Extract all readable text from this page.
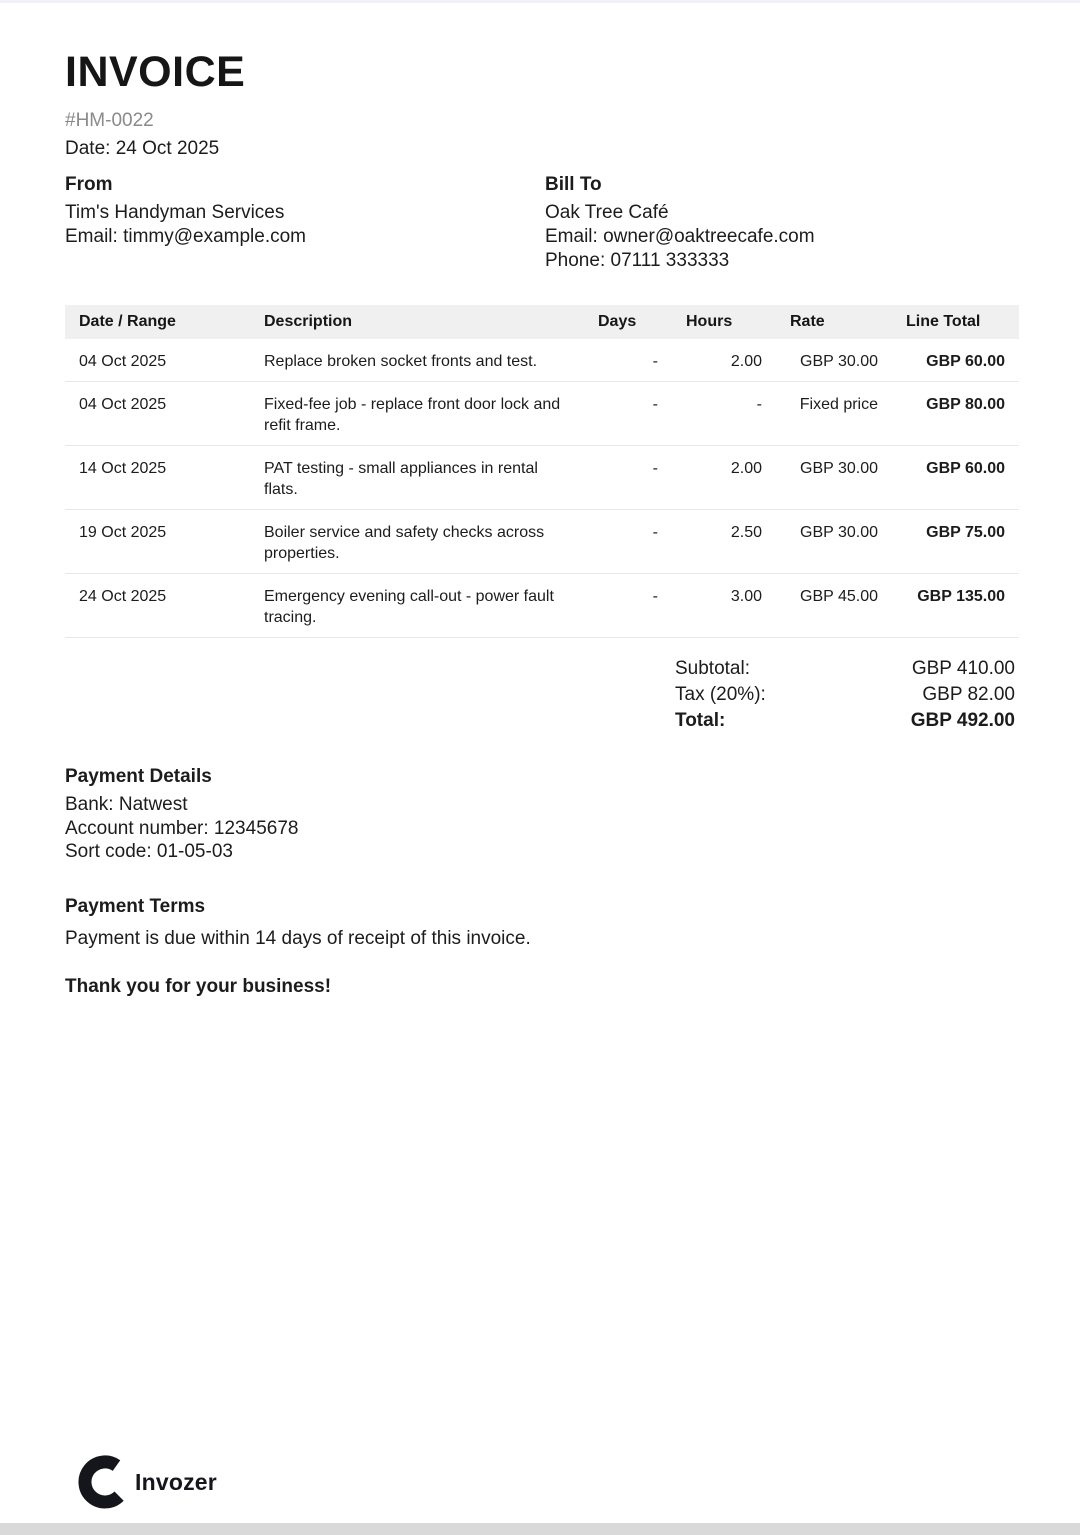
INVOICE
#HM-0022
Date: 24 Oct 2025
From
Tim's Handyman Services
Email: timmy@example.com
Bill To
Oak Tree Café
Email: owner@oaktreecafe.com
Phone: 07111 333333
Date / Range	Description	Days	Hours	Rate	Line Total
04 Oct 2025	Replace broken socket fronts and test.	-	2.00	GBP 30.00	GBP 60.00
04 Oct 2025	Fixed-fee job - replace front door lock and refit frame.	-	-	Fixed price	GBP 80.00
14 Oct 2025	PAT testing - small appliances in rental flats.	-	2.00	GBP 30.00	GBP 60.00
19 Oct 2025	Boiler service and safety checks across properties.	-	2.50	GBP 30.00	GBP 75.00
24 Oct 2025	Emergency evening call-out - power fault tracing.	-	3.00	GBP 45.00	GBP 135.00
Subtotal:	GBP 410.00
Tax (20%):	GBP 82.00
Total:	GBP 492.00
Payment Details
Bank: Natwest
Account number: 12345678
Sort code: 01-05-03
Payment Terms
Payment is due within 14 days of receipt of this invoice.
Thank you for your business!
Invozer
